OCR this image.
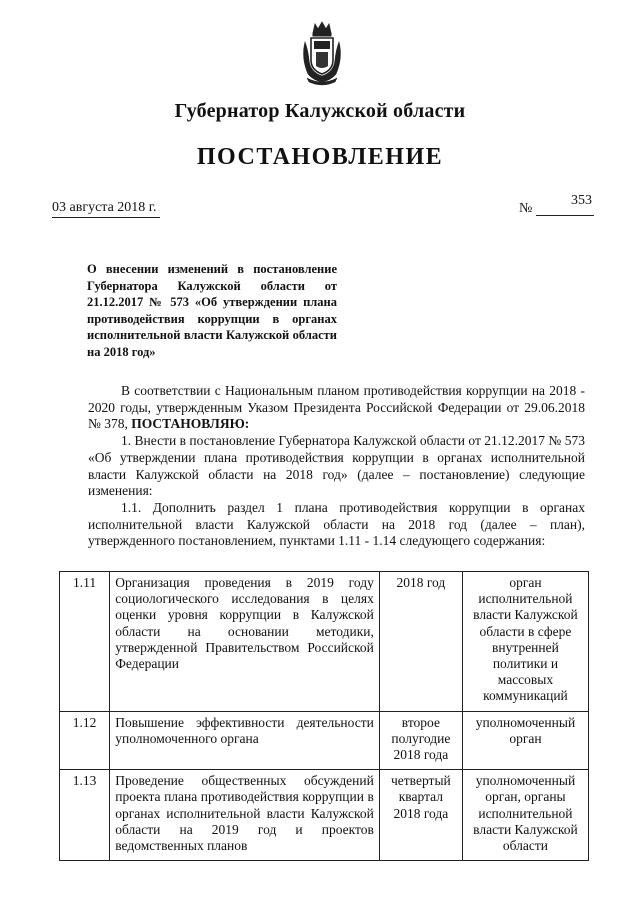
Губернатор Калужской области
ПОСТАНОВЛЕНИЕ
03 августа 2018 г.	№
353
О внесении изменений в постановление Губернатора Калужской области от 21.12.2017 № 573 «Об утверждении плана противодействия коррупции в органах исполнительной власти Калужской области на 2018 год»

В соответствии с Национальным планом противодействия коррупции на 2018 - 2020 годы, утвержденным Указом Президента Российской Федерации от 29.06.2018 № 378, ПОСТАНОВЛЯЮ:

1. Внести в постановление Губернатора Калужской области от 21.12.2017 № 573 «Об утверждении плана противодействия коррупции в органах исполнительной власти Калужской области на 2018 год» (далее – постановление) следующие изменения:

1.1. Дополнить раздел 1 плана противодействия коррупции в органах исполнительной власти Калужской области на 2018 год (далее – план), утвержденного постановлением, пунктами 1.11 - 1.14 следующего содержания:

1.11	Организация проведения в 2019 году социологического исследования в целях оценки уровня коррупции в Калужской области на основании методики, утвержденной Правительством Российской Федерации	2018 год	орган исполнительной власти Калужской области в сфере внутренней политики и массовых коммуникаций
1.12	Повышение эффективности деятельности уполномоченного органа	второе полугодие 2018 года	уполномоченный орган
1.13	Проведение общественных обсуждений проекта плана противодействия коррупции в органах исполнительной власти Калужской области на 2019 год и проектов ведомственных планов	четвертый квартал 2018 года	уполномоченный орган, органы исполнительной власти Калужской области
